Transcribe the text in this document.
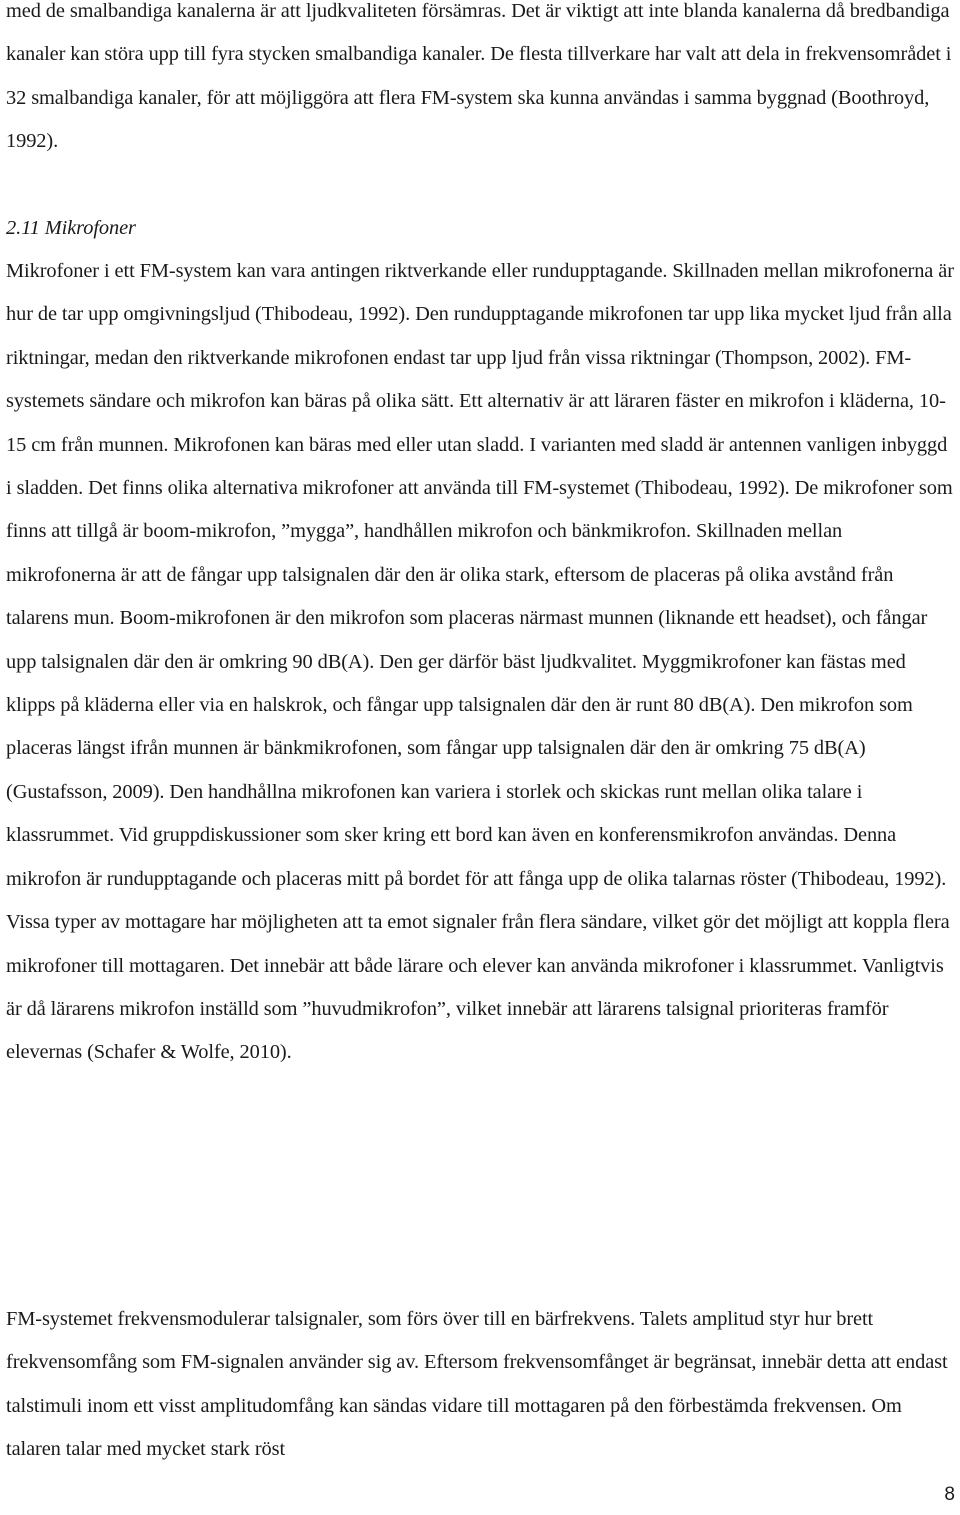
med de smalbandiga kanalerna är att ljudkvaliteten försämras. Det är viktigt att inte blanda kanalerna då bredbandiga kanaler kan störa upp till fyra stycken smalbandiga kanaler. De flesta tillverkare har valt att dela in frekvensområdet i 32 smalbandiga kanaler, för att möjliggöra att flera FM-system ska kunna användas i samma byggnad (Boothroyd, 1992).

2.11 Mikrofoner

Mikrofoner i ett FM-system kan vara antingen riktverkande eller rundupptagande. Skillnaden mellan mikrofonerna är hur de tar upp omgivningsljud (Thibodeau, 1992). Den rundupptagande mikrofonen tar upp lika mycket ljud från alla riktningar, medan den riktverkande mikrofonen endast tar upp ljud från vissa riktningar (Thompson, 2002). FM-systemets sändare och mikrofon kan bäras på olika sätt. Ett alternativ är att läraren fäster en mikrofon i kläderna, 10-15 cm från munnen. Mikrofonen kan bäras med eller utan sladd. I varianten med sladd är antennen vanligen inbyggd i sladden. Det finns olika alternativa mikrofoner att använda till FM-systemet (Thibodeau, 1992). De mikrofoner som finns att tillgå är boom-mikrofon, ”mygga”, handhållen mikrofon och bänkmikrofon. Skillnaden mellan mikrofonerna är att de fångar upp talsignalen där den är olika stark, eftersom de placeras på olika avstånd från talarens mun. Boom-mikrofonen är den mikrofon som placeras närmast munnen (liknande ett headset), och fångar upp talsignalen där den är omkring 90 dB(A). Den ger därför bäst ljudkvalitet. Myggmikrofoner kan fästas med klipps på kläderna eller via en halskrok, och fångar upp talsignalen där den är runt 80 dB(A). Den mikrofon som placeras längst ifrån munnen är bänkmikrofonen, som fångar upp talsignalen där den är omkring 75 dB(A) (Gustafsson, 2009). Den handhållna mikrofonen kan variera i storlek och skickas runt mellan olika talare i klassrummet. Vid gruppdiskussioner som sker kring ett bord kan även en konferensmikrofon användas. Denna mikrofon är rundupptagande och placeras mitt på bordet för att fånga upp de olika talarnas röster (Thibodeau, 1992). Vissa typer av mottagare har möjligheten att ta emot signaler från flera sändare, vilket gör det möjligt att koppla flera mikrofoner till mottagaren. Det innebär att både lärare och elever kan använda mikrofoner i klassrummet. Vanligtvis är då lärarens mikrofon inställd som ”huvudmikrofon”, vilket innebär att lärarens talsignal prioriteras framför elevernas (Schafer & Wolfe, 2010).

FM-systemet frekvensmodulerar talsignaler, som förs över till en bärfrekvens. Talets amplitud styr hur brett frekvensomfång som FM-signalen använder sig av. Eftersom frekvensomfånget är begränsat, innebär detta att endast talstimuli inom ett visst amplitudomfång kan sändas vidare till mottagaren på den förbestämda frekvensen. Om talaren talar med mycket stark röst

8
